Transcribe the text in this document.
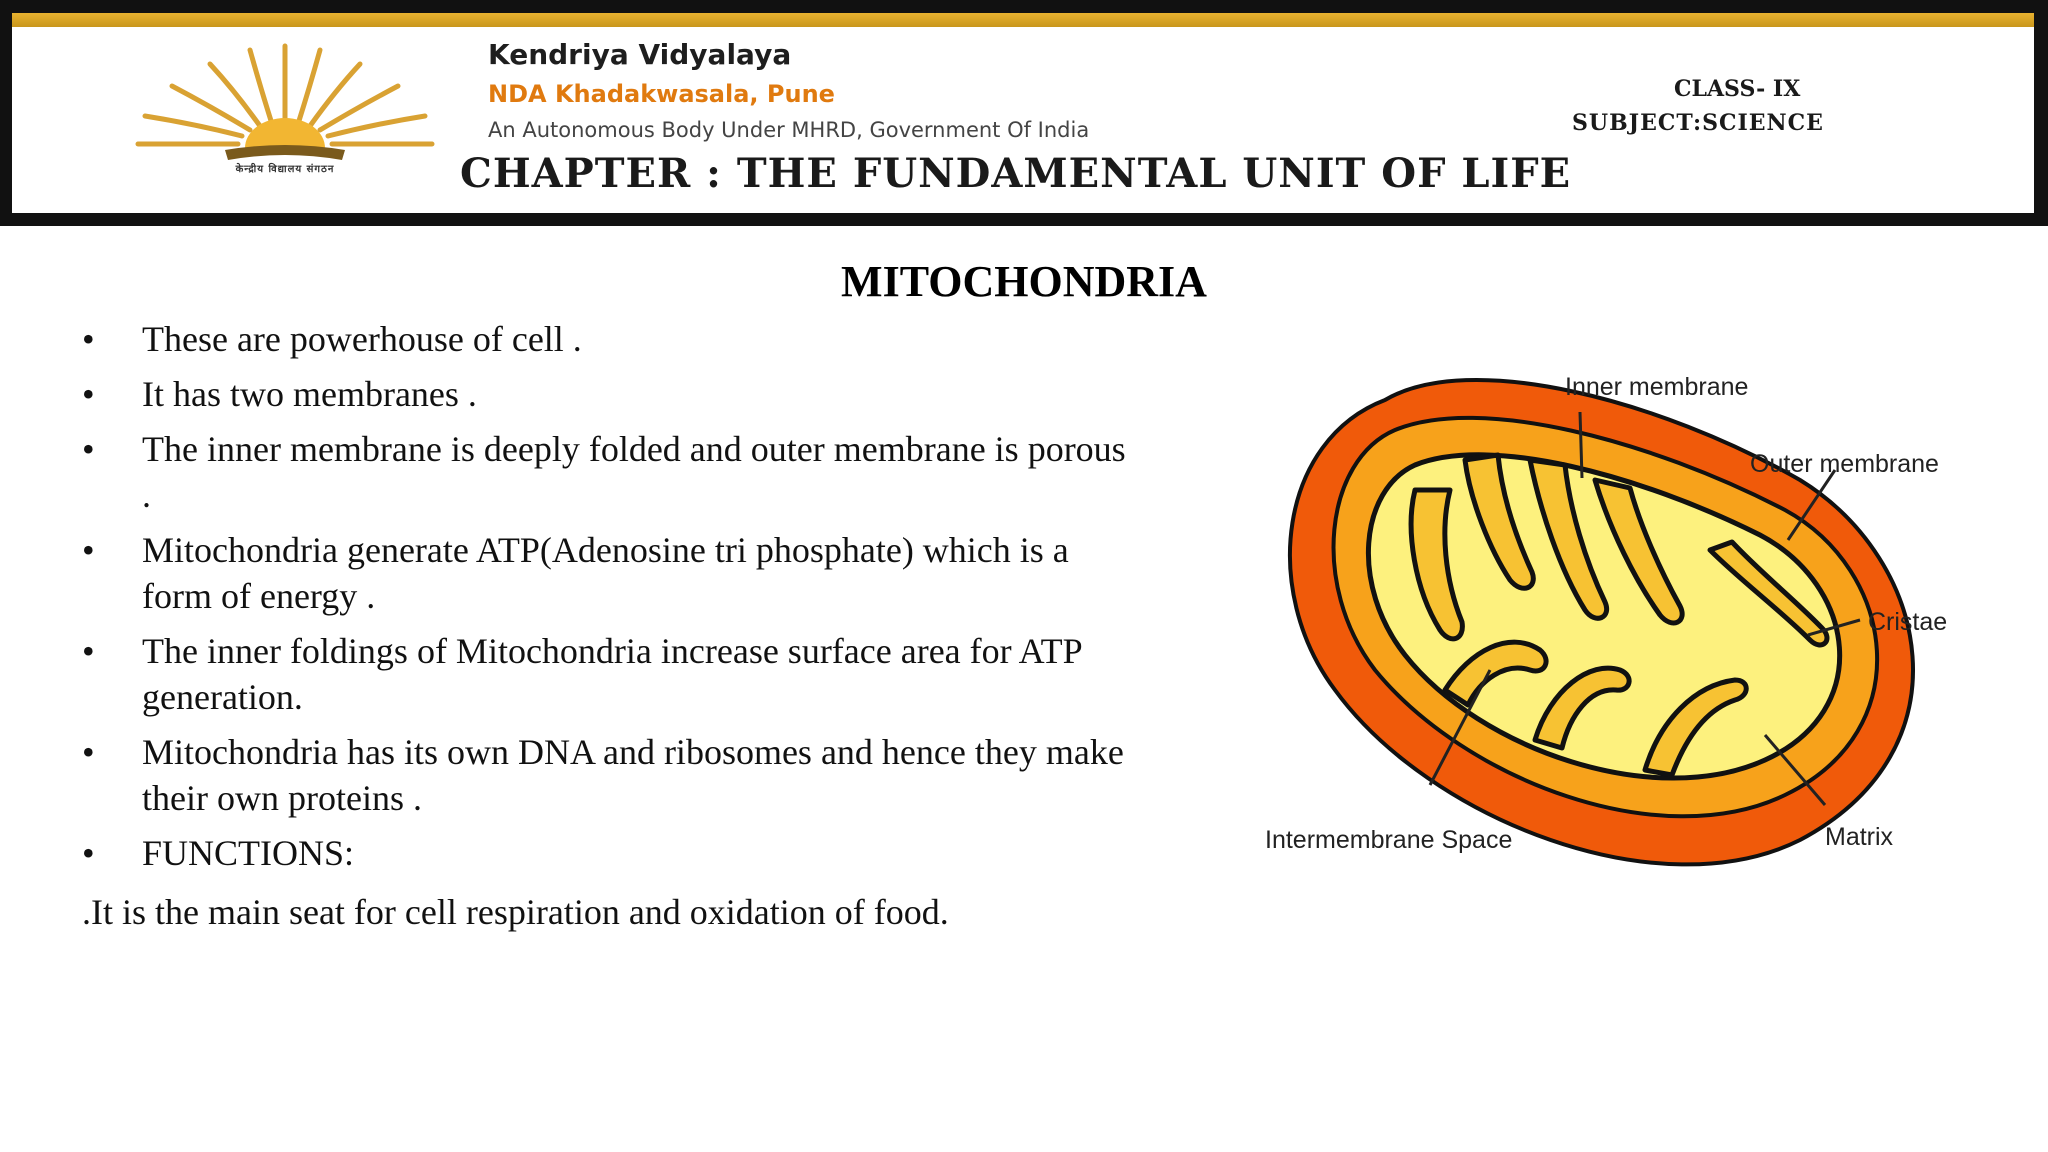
केन्द्रीय विद्यालय संगठन
Kendriya Vidyalaya
NDA Khadakwasala, Pune
An Autonomous Body Under MHRD, Government Of India
CHAPTER : THE FUNDAMENTAL UNIT OF LIFE
CLASS- IX
SUBJECT:SCIENCE
MITOCHONDRIA
•	These are powerhouse of cell .
•	It has two membranes .
•	The inner membrane is deeply folded and outer membrane is porous .
•	Mitochondria generate ATP(Adenosine tri phosphate) which is a form of energy .
•	The inner foldings of Mitochondria increase surface area for ATP generation.
•	Mitochondria has its own DNA and ribosomes and hence they make their own proteins .
•	FUNCTIONS:
.It is the main seat for cell respiration and oxidation of food.
Inner membrane
Outer membrane
Cristae
Intermembrane Space	Matrix
